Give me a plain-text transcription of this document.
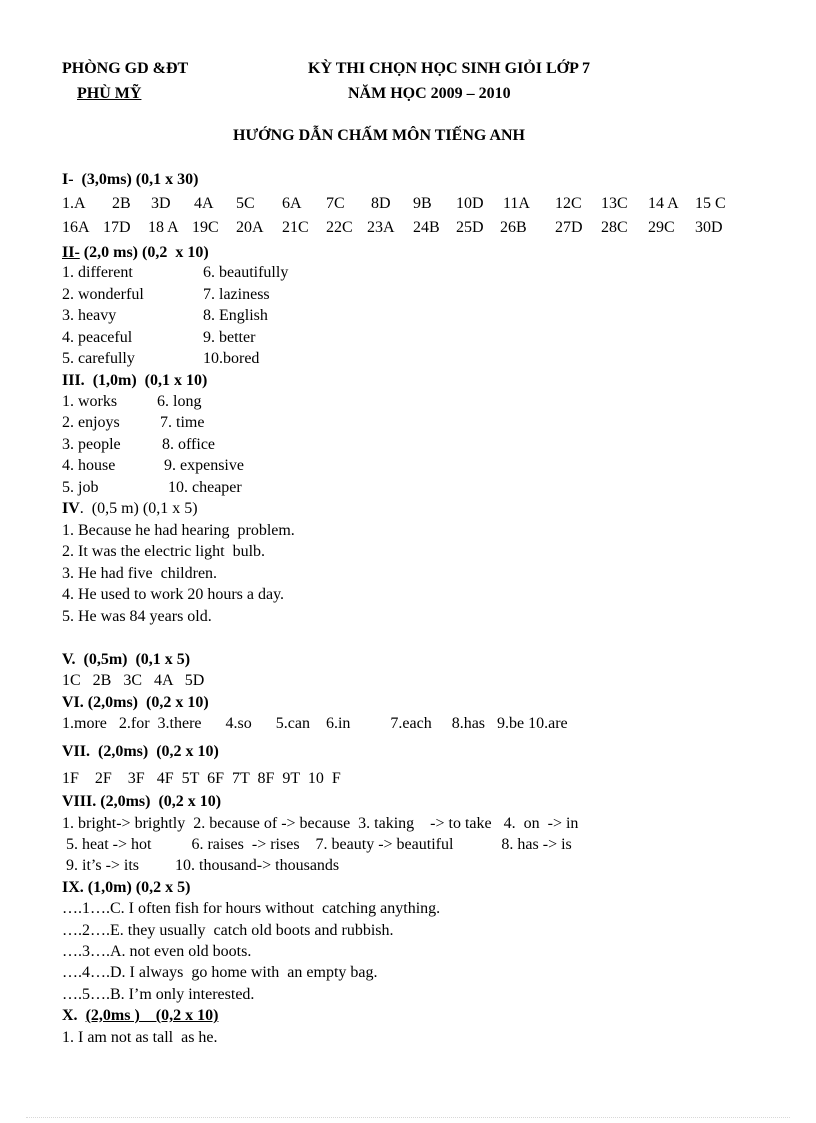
PHÒNG GD &ĐT
PHÙ MỸ
KỲ THI CHỌN HỌC SINH GIỎI LỚP 7
NĂM HỌC 2009 – 2010
HƯỚNG DẪN CHẤM MÔN TIẾNG ANH
I-  (3,0ms) (0,1 x 30)
1.A 2B 3D 4A 5C 6A 7C 8D 9B 10D 11A 12C 13C 14 A 15 C
16A 17D 18 A 19C 20A 21C 22C 23A 24B 25D 26B 27D 28C 29C 30D
II- (2,0 ms) (0,2  x 10)
1. different
2. wonderful
3. heavy
4. peaceful
5. carefully
6. beautifully
7. laziness
8. English
9. better
10.bored
III.  (1,0m)  (0,1 x 10)
1. works
2. enjoys
3. people
4. house
5. job
6. long
7. time
8. office
9. expensive
10. cheaper
IV.  (0,5 m) (0,1 x 5)
1. Because he had hearing  problem.
2. It was the electric light  bulb.
3. He had five  children.
4. He used to work 20 hours a day.
5. He was 84 years old.
V.  (0,5m)  (0,1 x 5)
1C   2B   3C   4A   5D
VI. (2,0ms)  (0,2 x 10)
1.more   2.for  3.there      4.so      5.can    6.in          7.each     8.has   9.be 10.are
VII.  (2,0ms)  (0,2 x 10)
1F    2F    3F   4F  5T  6F  7T  8F  9T  10  F
VIII. (2,0ms)  (0,2 x 10)
1. bright-> brightly  2. because of -> because  3. taking    -> to take   4.  on  -> in
5. heat -> hot          6. raises  -> rises    7. beauty -> beautiful            8. has -> is
9. it’s -> its         10. thousand-> thousands
IX. (1,0m) (0,2 x 5)
….1….C. I often fish for hours without  catching anything.
….2….E. they usually  catch old boots and rubbish.
….3….A. not even old boots.
….4….D. I always  go home with  an empty bag.
….5….B. I’m only interested.
X. (2,0ms )    (0,2 x 10)
1. I am not as tall  as he.
